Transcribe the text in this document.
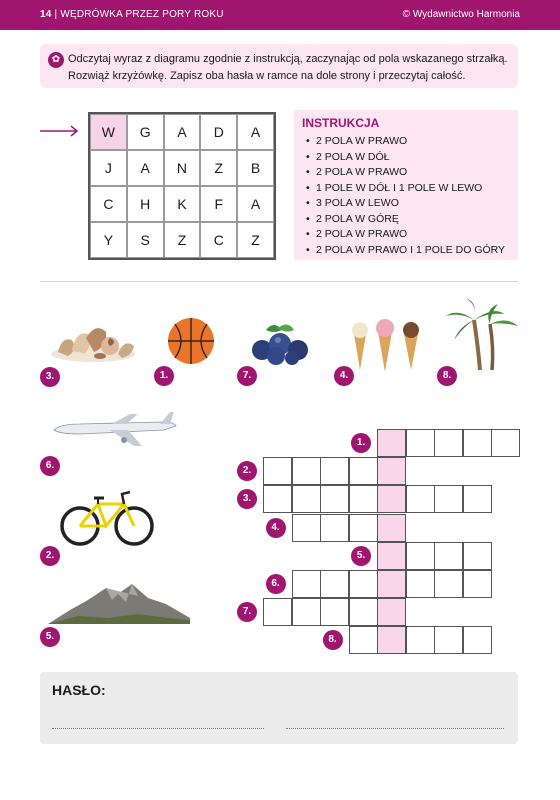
14 | WĘDRÓWKA PRZEZ PORY ROKU	© Wydawnictwo Harmonia
✿ Odczytaj wyraz z diagramu zgodnie z instrukcją, zaczynając od pola wskazanego strzałką.
Rozwiąż krzyżówkę. Zapisz oba hasła w ramce na dole strony i przeczytaj całość.
W	G	A	D	A
J	A	N	Z	B
C	H	K	F	A
Y	S	Z	C	Z
INSTRUKCJA
• 2 POLA W PRAWO
• 2 POLA W DÓŁ
• 2 POLA W PRAWO
• 1 POLE W DÓŁ I 1 POLE W LEWO
• 3 POLA W LEWO
• 2 POLA W GÓRĘ
• 2 POLA W PRAWO
• 2 POLA W PRAWO I 1 POLE DO GÓRY
3.	1.	7.	4.	8.
6.
2.
5.
1.
2.
3.
4.
5.
6.
7.
8.
HASŁO:
